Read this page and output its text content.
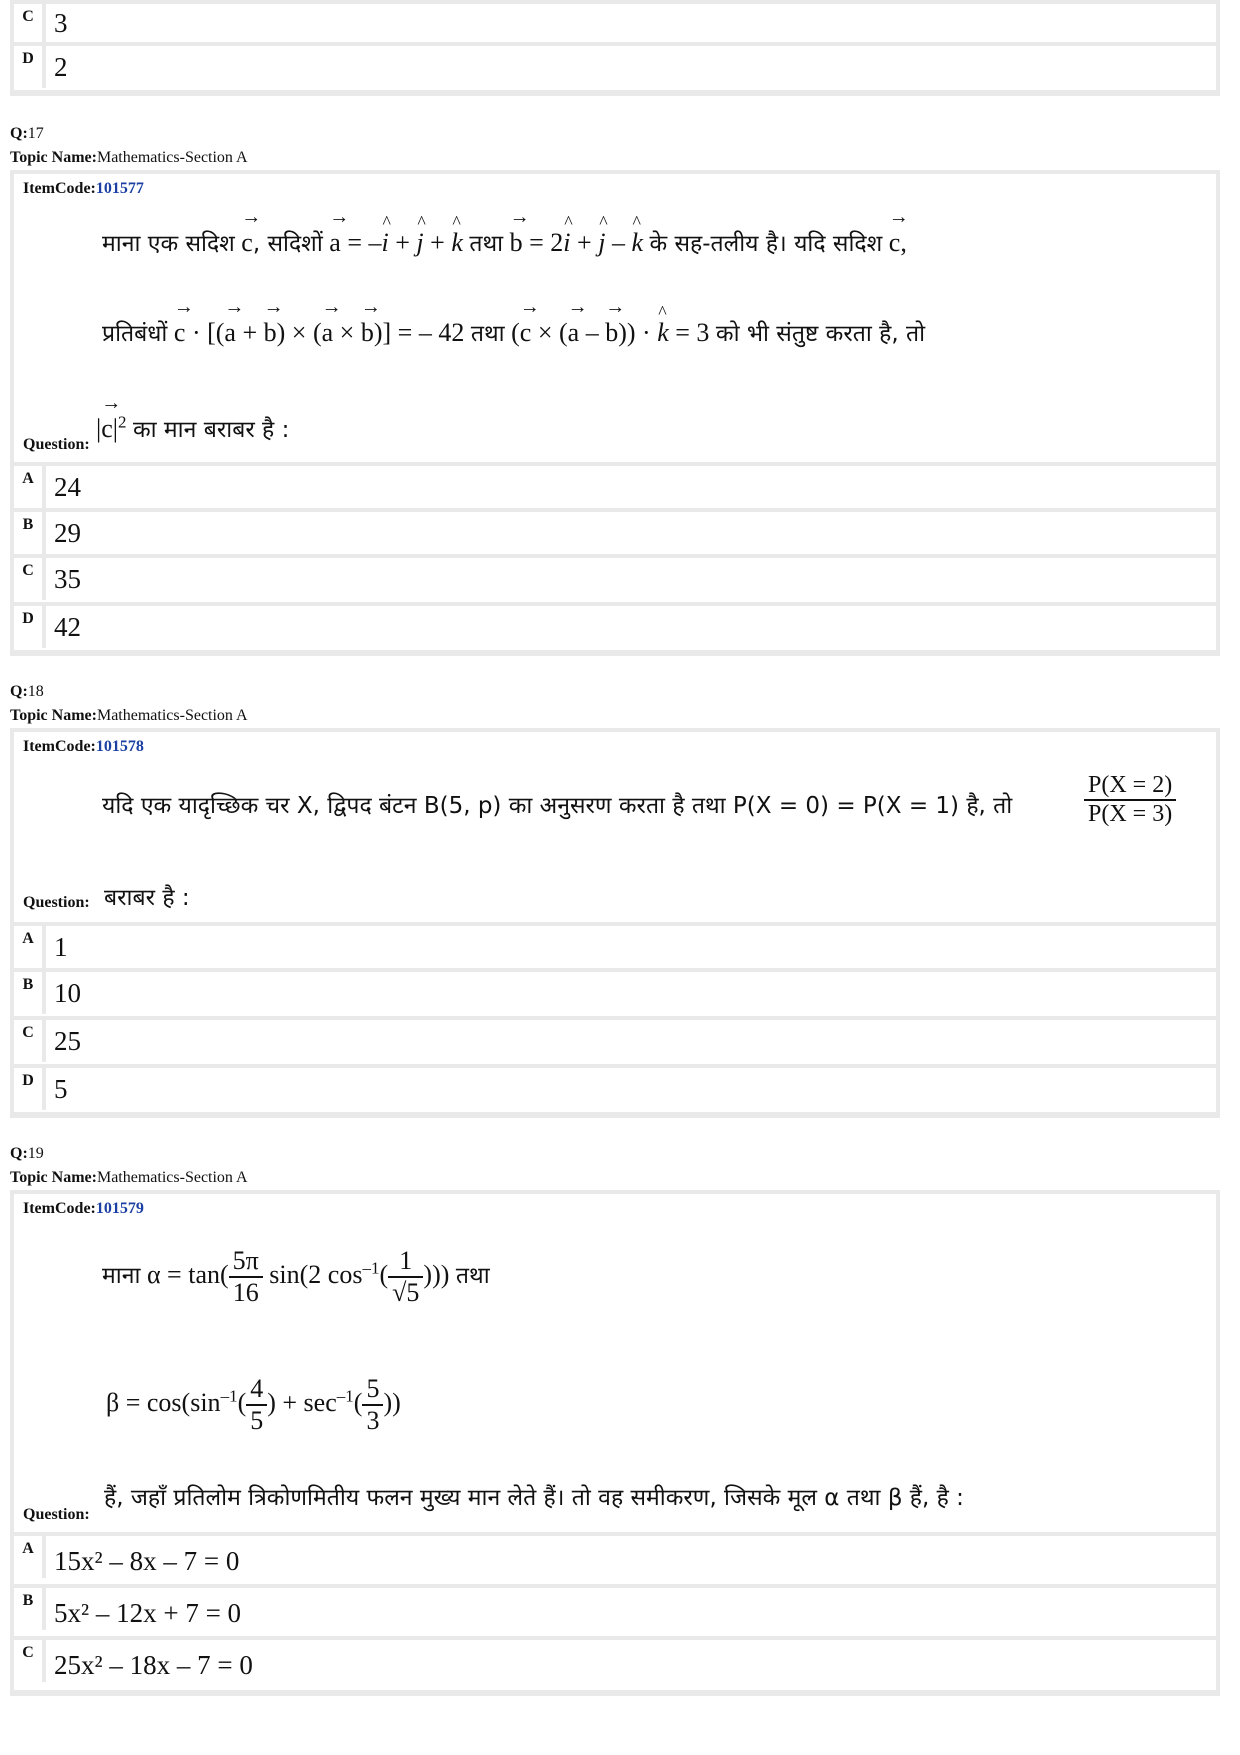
C 3
D 2
Q:17
Topic Name:Mathematics-Section A
ItemCode:101577
माना एक सदिश → c, सदिशों → a = –^ i + ^ j + ^ k तथा → b = 2^ i + ^ j – ^ k के सह-तलीय है। यदि सदिश → c,
प्रतिबंधों → c · [(→ a + → b) × (→ a × → b)] = – 42 तथा (→ c × (→ a – → b)) · ^ k = 3 को भी संतुष्ट करता है, तो
Question:
|→ $c|^2$ का मान बराबर है :
A 24
B 29
C 35
D 42
Q:18
Topic Name:Mathematics-Section A
ItemCode:101578
यदि एक यादृच्छिक चर X, द्विपद बंटन B(5, p) का अनुसरण करता है तथा P(X = 0) = P(X = 1) है, तो	$\frac{P(X = 2)}{P(X = 3)}$
Question: बराबर है :
A 1
B 10
C 25
D 5
Q:19
Topic Name:Mathematics-Section A
ItemCode:101579
माना $\alpha = \tan( \frac{5\pi}{16} \sin(2$ $\cos^{-1}( \frac{1}{√5}$ ))) तथा
$\beta = \cos(\sin^{-1}( \frac{4}{5}$ ) + $\sec^{-1}( \frac{5}{3}$ ))
Question:
हैं, जहाँ प्रतिलोम त्रिकोणमितीय फलन मुख्य मान लेते हैं। तो वह समीकरण, जिसके मूल α तथा β हैं, है :
A 15x² – 8x – 7 = 0
B 5x² – 12x + 7 = 0
C 25x² – 18x – 7 = 0
